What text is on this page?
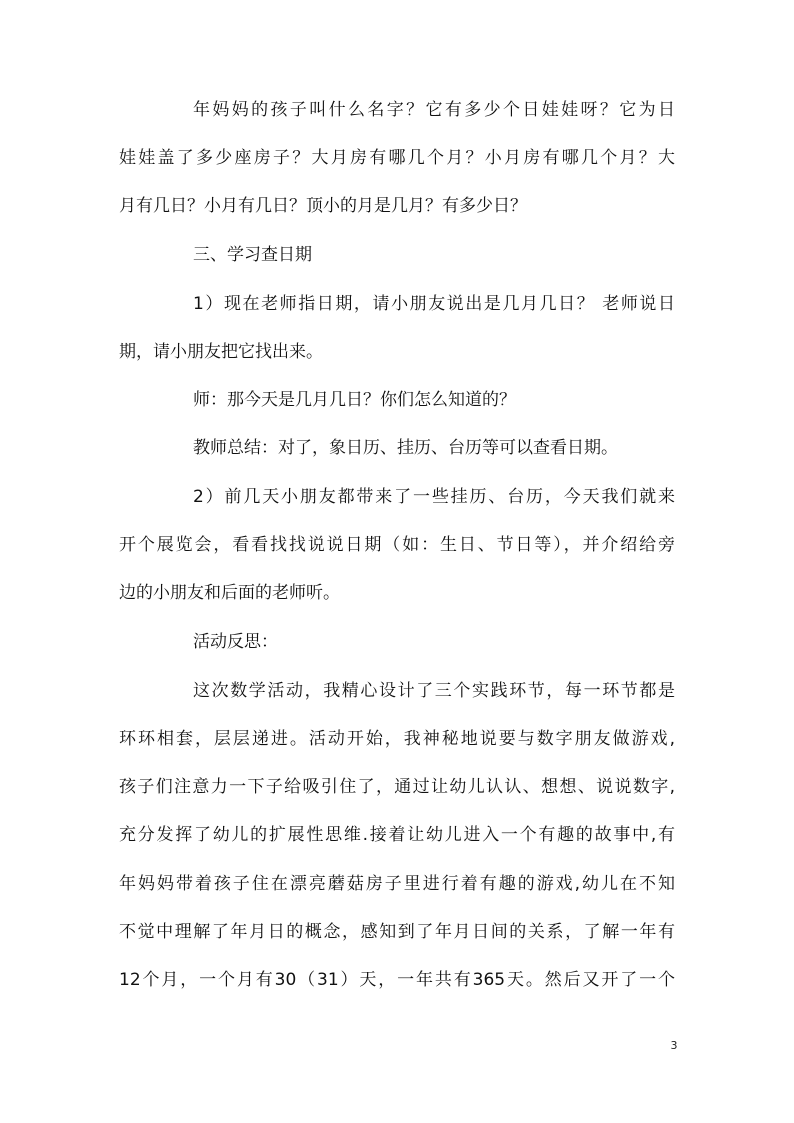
年妈妈的孩子叫什么名字？它有多少个日娃娃呀？它为日
娃娃盖了多少座房子？大月房有哪几个月？小月房有哪几个月？大
月有几日？小月有几日？顶小的月是几月？有多少日？
三、学习查日期
1）现在老师指日期，请小朋友说出是几月几日？ 老师说日
期，请小朋友把它找出来。
师：那今天是几月几日？你们怎么知道的？
教师总结：对了，象日历、挂历、台历等可以查看日期。
2）前几天小朋友都带来了一些挂历、台历，今天我们就来
开个展览会，看看找找说说日期（如：生日、节日等），并介绍给旁
边的小朋友和后面的老师听。
活动反思：
这次数学活动，我精心设计了三个实践环节，每一环节都是
环环相套，层层递进。活动开始，我神秘地说要与数字朋友做游戏,
孩子们注意力一下子给吸引住了，通过让幼儿认认、想想、说说数字,
充分发挥了幼儿的扩展性思维.接着让幼儿进入一个有趣的故事中,有
年妈妈带着孩子住在漂亮蘑菇房子里进行着有趣的游戏,幼儿在不知
不觉中理解了年月日的概念，感知到了年月日间的关系，了解一年有
12个月，一个月有30（31）天，一年共有365天。然后又开了一个
3
